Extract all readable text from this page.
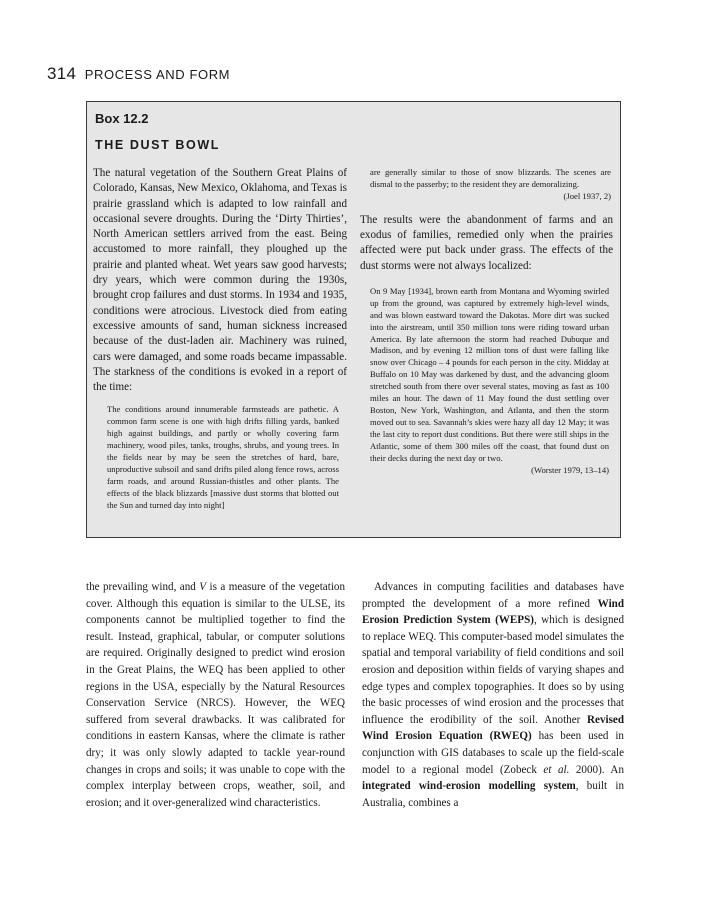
314 PROCESS AND FORM
Box 12.2
THE DUST BOWL

The natural vegetation of the Southern Great Plains of Colorado, Kansas, New Mexico, Oklahoma, and Texas is prairie grassland which is adapted to low rainfall and occasional severe droughts. During the ‘Dirty Thirties’, North American settlers arrived from the east. Being accustomed to more rainfall, they ploughed up the prairie and planted wheat. Wet years saw good harvests; dry years, which were common during the 1930s, brought crop failures and dust storms. In 1934 and 1935, conditions were atrocious. Livestock died from eating excessive amounts of sand, human sickness increased because of the dust-laden air. Machinery was ruined, cars were damaged, and some roads became impassable. The starkness of the conditions is evoked in a report of the time:

The conditions around innumerable farmsteads are pathetic. A common farm scene is one with high drifts filling yards, banked high against buildings, and partly or wholly covering farm machinery, wood piles, tanks, troughs, shrubs, and young trees. In the fields near by may be seen the stretches of hard, bare, unproductive subsoil and sand drifts piled along fence rows, across farm roads, and around Russian-thistles and other plants. The effects of the black blizzards [massive dust storms that blotted out the Sun and turned day into night]

are generally similar to those of snow blizzards. The scenes are dismal to the passerby; to the resident they are demoralizing.
(Joel 1937, 2)

The results were the abandonment of farms and an exodus of families, remedied only when the prairies affected were put back under grass. The effects of the dust storms were not always localized:

On 9 May [1934], brown earth from Montana and Wyoming swirled up from the ground, was captured by extremely high-level winds, and was blown eastward toward the Dakotas. More dirt was sucked into the airstream, until 350 million tons were riding toward urban America. By late afternoon the storm had reached Dubuque and Madison, and by evening 12 million tons of dust were falling like snow over Chicago – 4 pounds for each person in the city. Midday at Buffalo on 10 May was darkened by dust, and the advancing gloom stretched south from there over several states, moving as fast as 100 miles an hour. The dawn of 11 May found the dust settling over Boston, New York, Washington, and Atlanta, and then the storm moved out to sea. Savannah’s skies were hazy all day 12 May; it was the last city to report dust conditions. But there were still ships in the Atlantic, some of them 300 miles off the coast, that found dust on their decks during the next day or two.
(Worster 1979, 13–14)

the prevailing wind, and V is a measure of the vegetation cover. Although this equation is similar to the ULSE, its components cannot be multiplied together to find the result. Instead, graphical, tabular, or computer solutions are required. Originally designed to predict wind erosion in the Great Plains, the WEQ has been applied to other regions in the USA, especially by the Natural Resources Conservation Service (NRCS). However, the WEQ suffered from several drawbacks. It was calibrated for conditions in eastern Kansas, where the climate is rather dry; it was only slowly adapted to tackle year-round changes in crops and soils; it was unable to cope with the complex interplay between crops, weather, soil, and erosion; and it over-generalized wind characteristics.

Advances in computing facilities and databases have prompted the development of a more refined Wind Erosion Prediction System (WEPS), which is designed to replace WEQ. This computer-based model simulates the spatial and temporal variability of field conditions and soil erosion and deposition within fields of varying shapes and edge types and complex topographies. It does so by using the basic processes of wind erosion and the processes that influence the erodibility of the soil. Another Revised Wind Erosion Equation (RWEQ) has been used in conjunction with GIS databases to scale up the field-scale model to a regional model (Zobeck et al. 2000). An integrated wind-erosion modelling system, built in Australia, combines a
